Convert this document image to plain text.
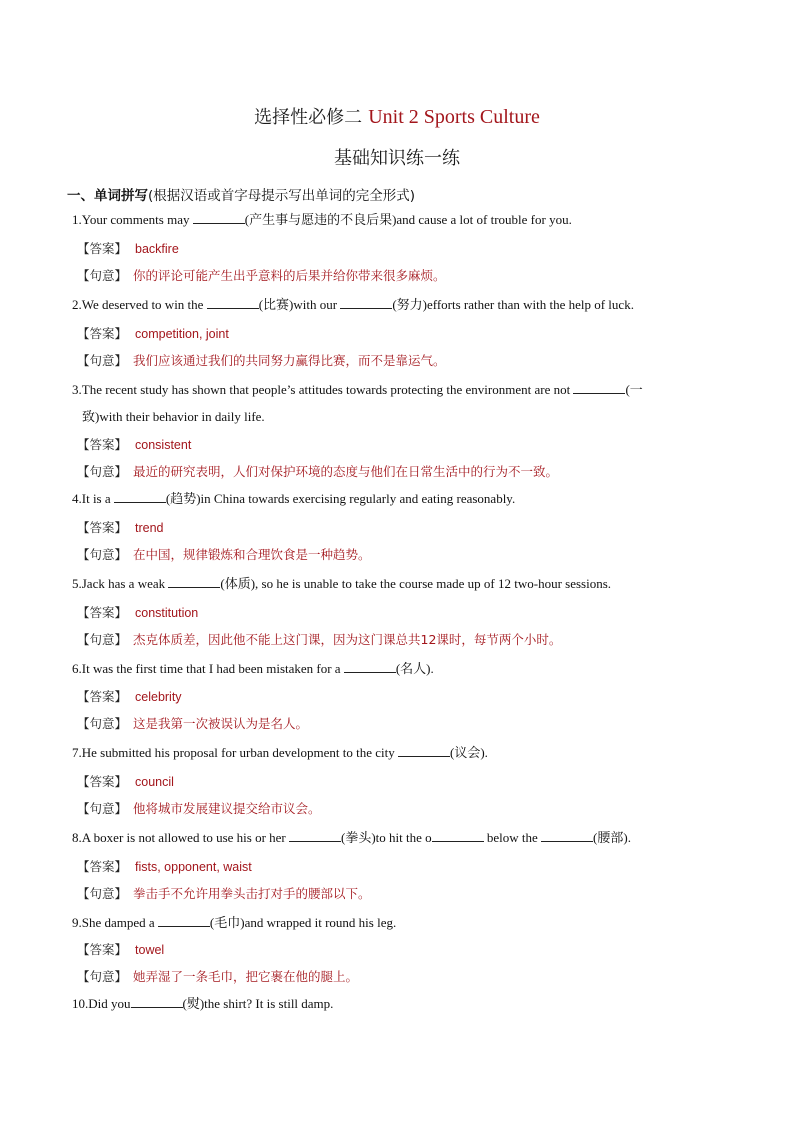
选择性必修二 Unit 2 Sports Culture
基础知识练一练
一、单词拼写(根据汉语或首字母提示写出单词的完全形式)
1.Your comments may	(产生事与愿违的不良后果)and cause a lot of trouble for you.
【答案】 backfire
【句意】 你的评论可能产生出乎意料的后果并给你带来很多麻烦。
2.We deserved to win the	(比赛)with our	(努力)efforts rather than with the help of luck.
【答案】 competition, joint
【句意】 我们应该通过我们的共同努力赢得比赛，而不是靠运气。
3.The recent study has shown that people’s attitudes towards protecting the environment are not	(一
致)with their behavior in daily life.
【答案】 consistent
【句意】 最近的研究表明，人们对保护环境的态度与他们在日常生活中的行为不一致。
4.It is a	(趋势)in China towards exercising regularly and eating reasonably.
【答案】 trend
【句意】 在中国，规律锻炼和合理饮食是一种趋势。
5.Jack has a weak	(体质), so he is unable to take the course made up of 12 two-hour sessions.
【答案】 constitution
【句意】 杰克体质差，因此他不能上这门课，因为这门课总共12课时，每节两个小时。
6.It was the first time that I had been mistaken for a	(名人).
【答案】 celebrity
【句意】 这是我第一次被误认为是名人。
7.He submitted his proposal for urban development to the city	(议会).
【答案】 council
【句意】 他将城市发展建议提交给市议会。
8.A boxer is not allowed to use his or her	(拳头)to hit the o	below the	(腰部).
【答案】 fists, opponent, waist
【句意】 拳击手不允许用拳头击打对手的腰部以下。
9.She damped a	(毛巾)and wrapped it round his leg.
【答案】 towel
【句意】 她弄湿了一条毛巾，把它裹在他的腿上。
10.Did you	(熨)the shirt? It is still damp.
